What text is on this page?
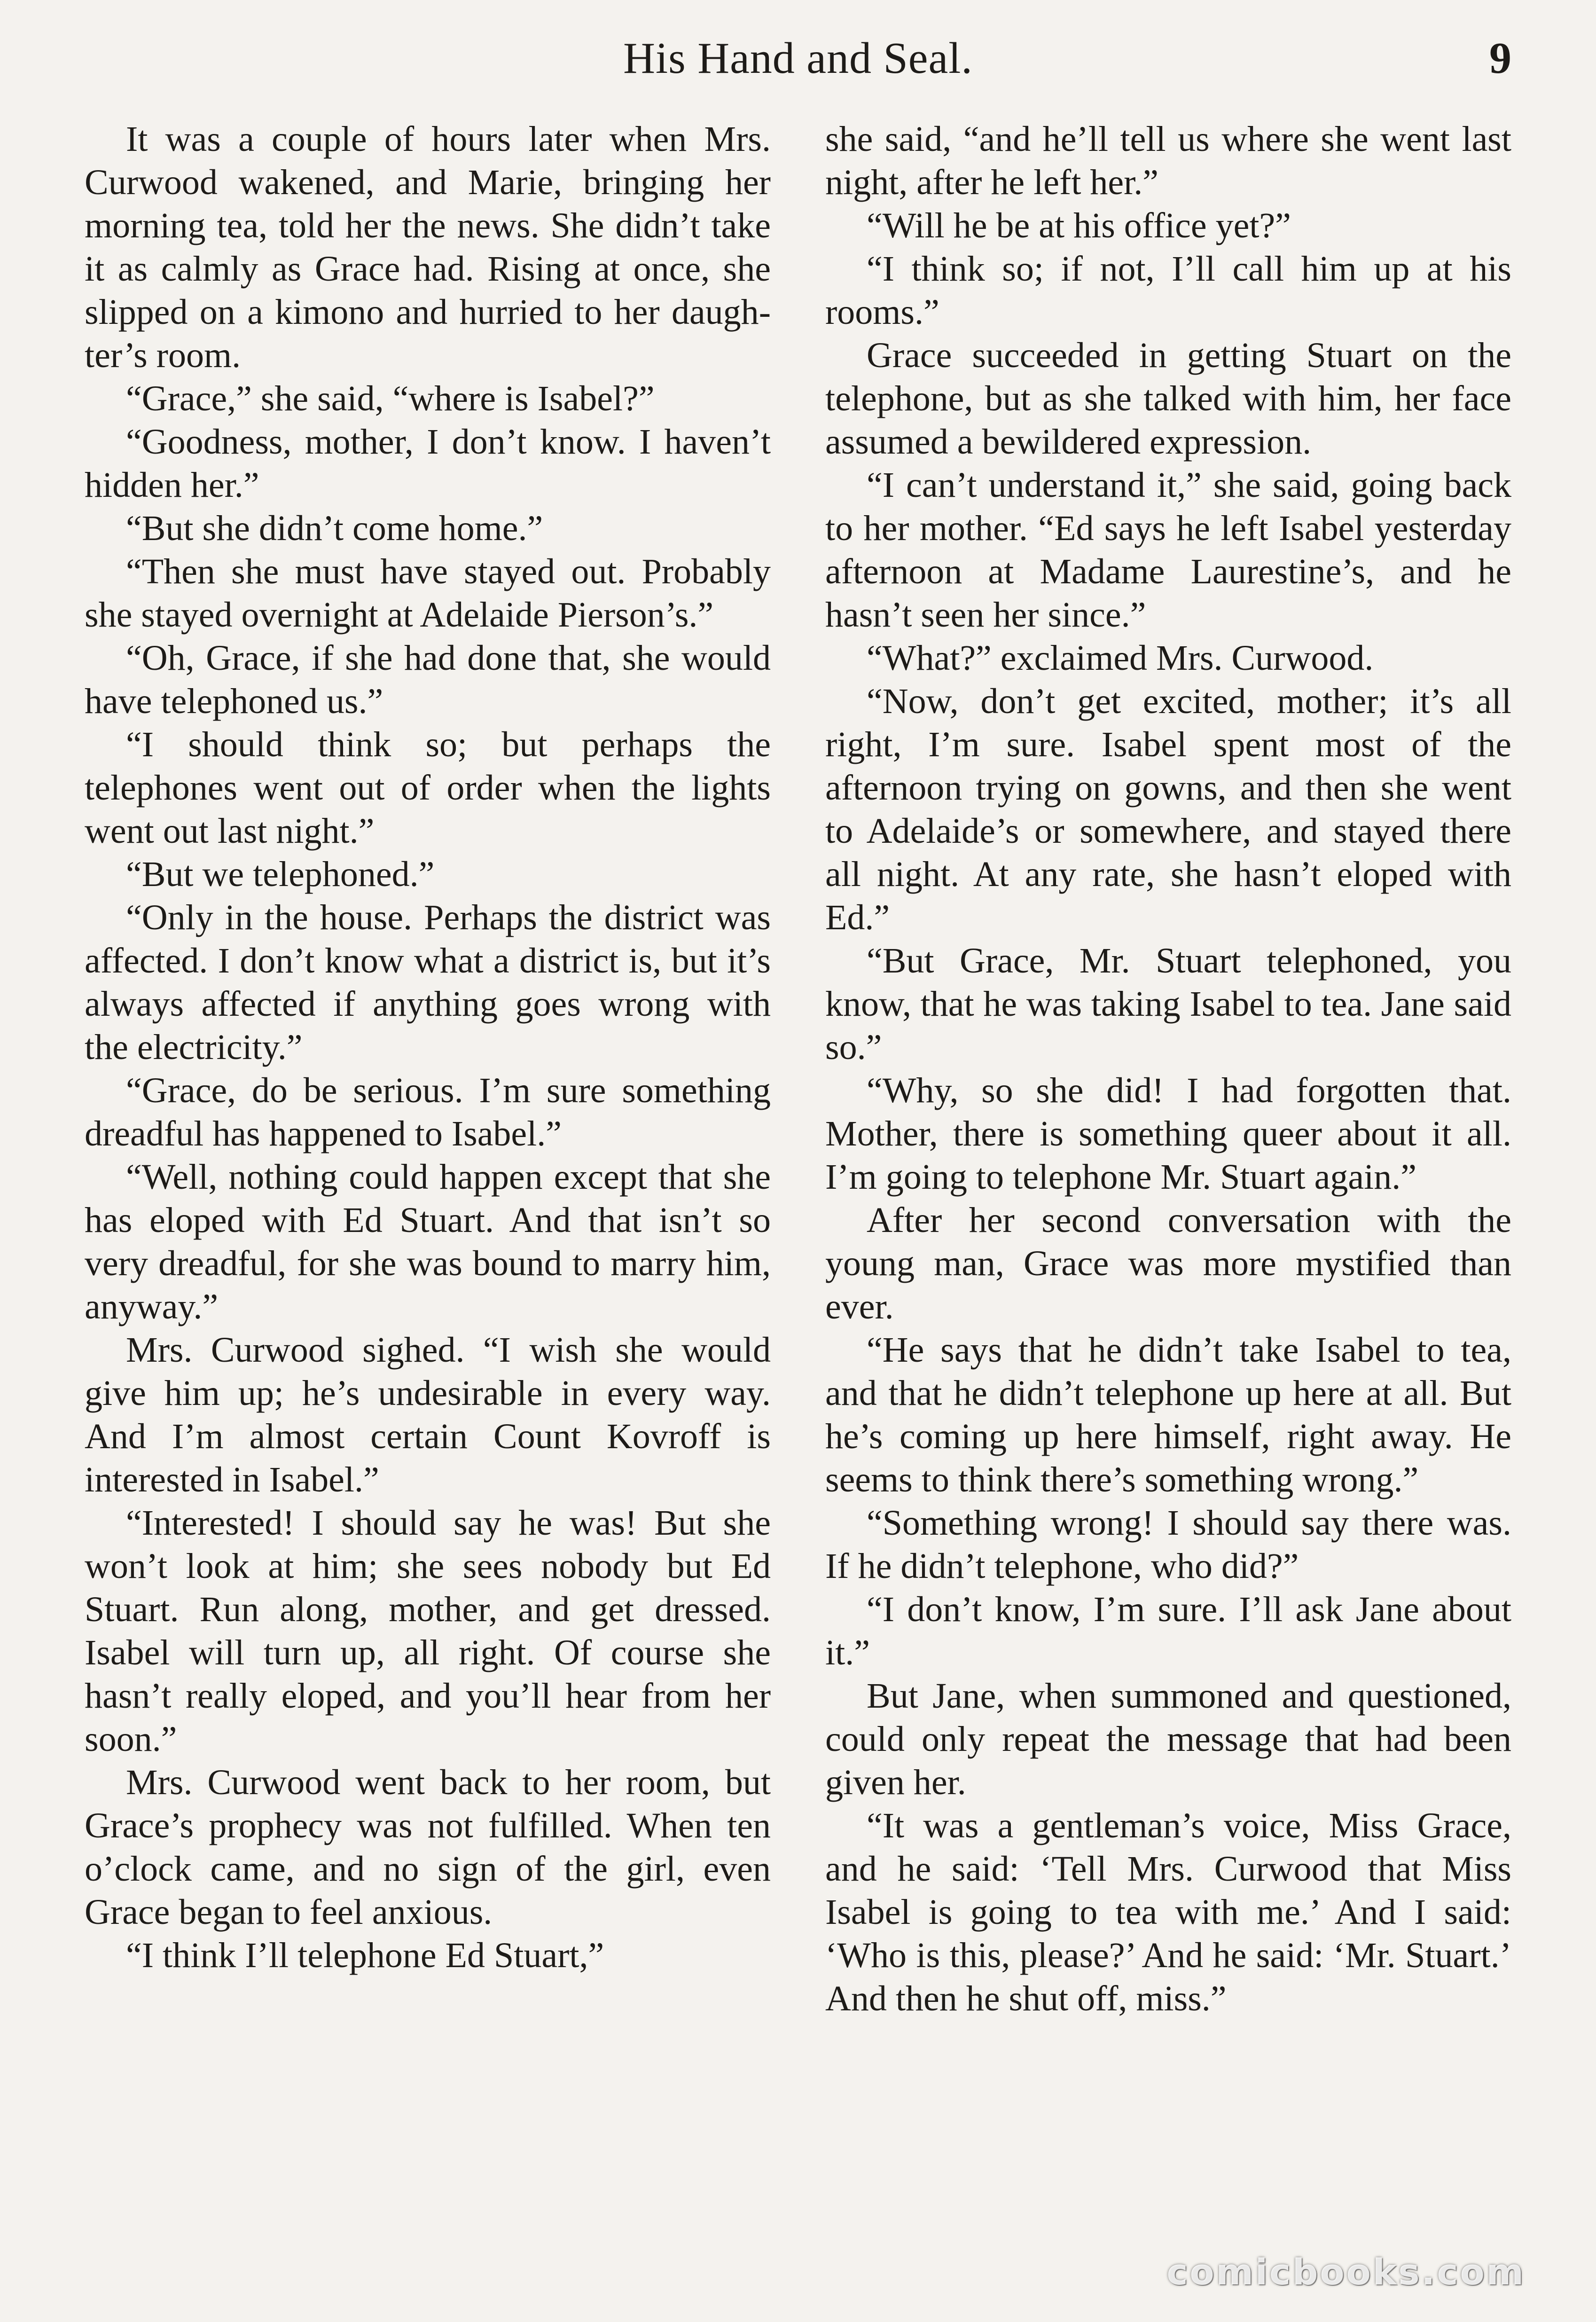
His Hand and Seal.	9

It was a couple of hours later when Mrs. Curwood wakened, and Marie, bringing her morning tea, told her the news. She didn’t take it as calmly as Grace had. Rising at once, she slipped on a kimono and hurried to her daughter’s room.

“Grace,” she said, “where is Isabel?”

“Goodness, mother, I don’t know. I haven’t hidden her.”

“But she didn’t come home.”

“Then she must have stayed out. Probably she stayed overnight at Adelaide Pierson’s.”

“Oh, Grace, if she had done that, she would have telephoned us.”

“I should think so; but perhaps the telephones went out of order when the lights went out last night.”

“But we telephoned.”

“Only in the house. Perhaps the district was affected. I don’t know what a district is, but it’s always affected if anything goes wrong with the electricity.”

“Grace, do be serious. I’m sure something dreadful has happened to Isabel.”

“Well, nothing could happen except that she has eloped with Ed Stuart. And that isn’t so very dreadful, for she was bound to marry him, anyway.”

Mrs. Curwood sighed. “I wish she would give him up; he’s undesirable in every way. And I’m almost certain Count Kovroff is interested in Isabel.”

“Interested! I should say he was! But she won’t look at him; she sees nobody but Ed Stuart. Run along, mother, and get dressed. Isabel will turn up, all right. Of course she hasn’t really eloped, and you’ll hear from her soon.”

Mrs. Curwood went back to her room, but Grace’s prophecy was not fulfilled. When ten o’clock came, and no sign of the girl, even Grace began to feel anxious.

“I think I’ll telephone Ed Stuart,”

she said, “and he’ll tell us where she went last night, after he left her.”

“Will he be at his office yet?”

“I think so; if not, I’ll call him up at his rooms.”

Grace succeeded in getting Stuart on the telephone, but as she talked with him, her face assumed a bewildered expression.

“I can’t understand it,” she said, going back to her mother. “Ed says he left Isabel yesterday afternoon at Madame Laurestine’s, and he hasn’t seen her since.”

“What?” exclaimed Mrs. Curwood.

“Now, don’t get excited, mother; it’s all right, I’m sure. Isabel spent most of the afternoon trying on gowns, and then she went to Adelaide’s or somewhere, and stayed there all night. At any rate, she hasn’t eloped with Ed.”

“But Grace, Mr. Stuart telephoned, you know, that he was taking Isabel to tea. Jane said so.”

“Why, so she did! I had forgotten that. Mother, there is something queer about it all. I’m going to telephone Mr. Stuart again.”

After her second conversation with the young man, Grace was more mystified than ever.

“He says that he didn’t take Isabel to tea, and that he didn’t telephone up here at all. But he’s coming up here himself, right away. He seems to think there’s something wrong.”

“Something wrong! I should say there was. If he didn’t telephone, who did?”

“I don’t know, I’m sure. I’ll ask Jane about it.”

But Jane, when summoned and questioned, could only repeat the message that had been given her.

“It was a gentleman’s voice, Miss Grace, and he said: ‘Tell Mrs. Curwood that Miss Isabel is going to tea with me.’ And I said: ‘Who is this, please?’ And he said: ‘Mr. Stuart.’ And then he shut off, miss.”

comicbooks.com
